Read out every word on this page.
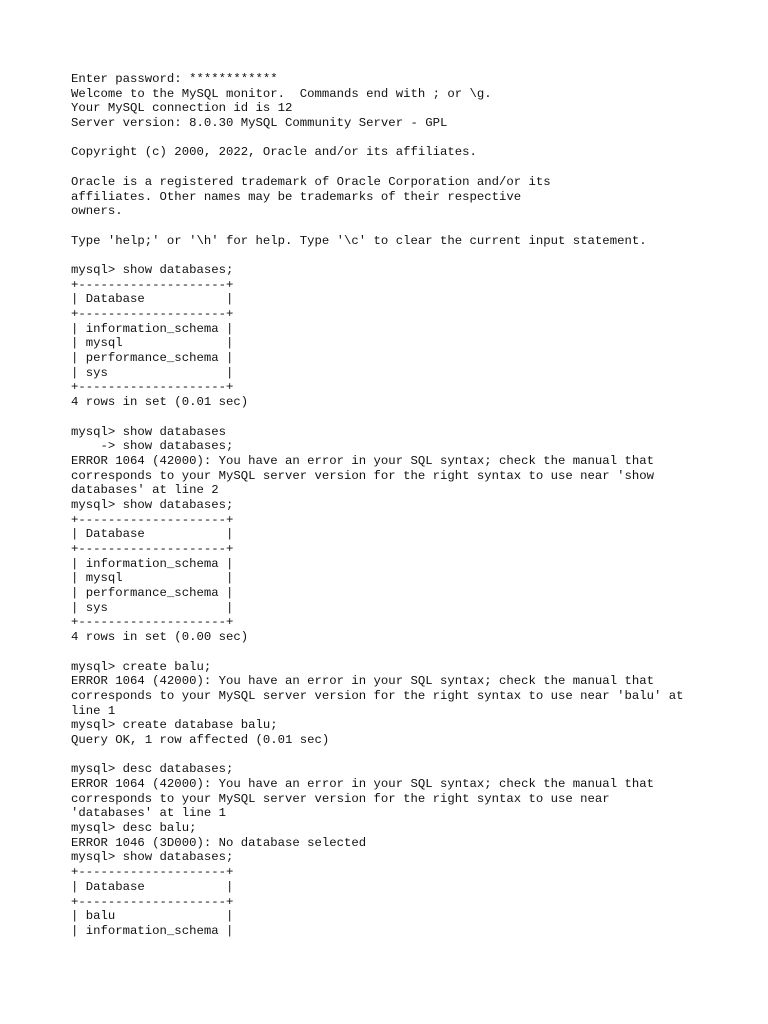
Enter password: ************
Welcome to the MySQL monitor.  Commands end with ; or \g.
Your MySQL connection id is 12
Server version: 8.0.30 MySQL Community Server - GPL
Copyright (c) 2000, 2022, Oracle and/or its affiliates.
Oracle is a registered trademark of Oracle Corporation and/or its
affiliates. Other names may be trademarks of their respective
owners.
Type 'help;' or '\h' for help. Type '\c' to clear the current input statement.
mysql> show databases;
+--------------------+
| Database           |
+--------------------+
| information_schema |
| mysql              |
| performance_schema |
| sys                |
+--------------------+
4 rows in set (0.01 sec)
mysql> show databases
-> show databases;
ERROR 1064 (42000): You have an error in your SQL syntax; check the manual that
corresponds to your MySQL server version for the right syntax to use near 'show
databases' at line 2
mysql> show databases;
+--------------------+
| Database           |
+--------------------+
| information_schema |
| mysql              |
| performance_schema |
| sys                |
+--------------------+
4 rows in set (0.00 sec)
mysql> create balu;
ERROR 1064 (42000): You have an error in your SQL syntax; check the manual that
corresponds to your MySQL server version for the right syntax to use near 'balu' at
line 1
mysql> create database balu;
Query OK, 1 row affected (0.01 sec)
mysql> desc databases;
ERROR 1064 (42000): You have an error in your SQL syntax; check the manual that
corresponds to your MySQL server version for the right syntax to use near
'databases' at line 1
mysql> desc balu;
ERROR 1046 (3D000): No database selected
mysql> show databases;
+--------------------+
| Database           |
+--------------------+
| balu               |
| information_schema |
